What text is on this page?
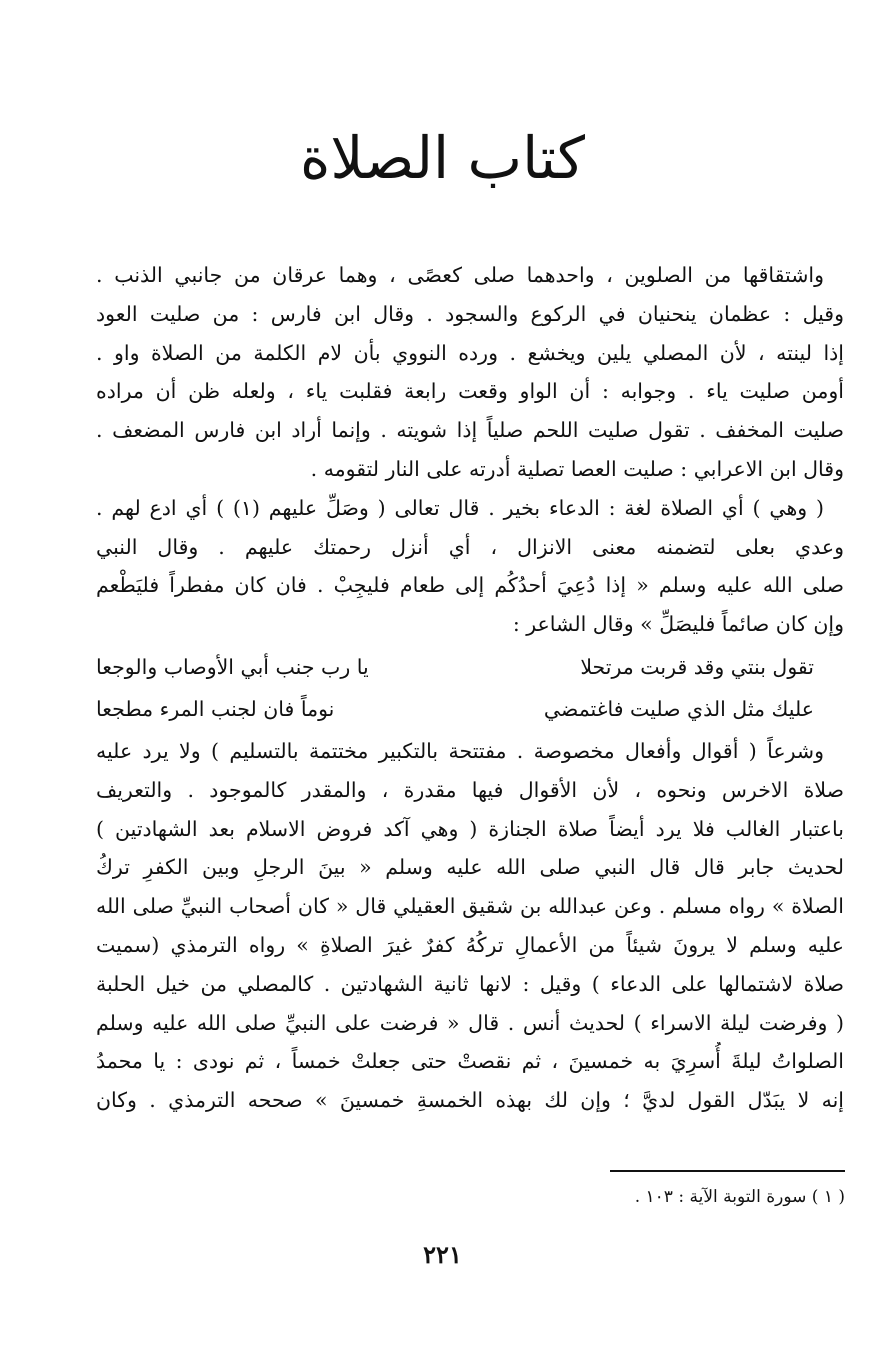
كتاب الصلاة
واشتقاقها من الصلوين ، واحدهما صلى كعصًى ، وهما عرقان من جانبي الذنب .
وقيل : عظمان ينحنيان في الركوع والسجود . وقال ابن فارس : من صليت العود
إذا لينته ، لأن المصلي يلين ويخشع . ورده النووي بأن لام الكلمة من الصلاة واو .
أومن صليت ياء . وجوابه : أن الواو وقعت رابعة فقلبت ياء ، ولعله ظن أن مراده
صليت المخفف . تقول صليت اللحم صلياً إذا شويته . وإنما أراد ابن فارس المضعف .
وقال ابن الاعرابي : صليت العصا تصلية أدرته على النار لتقومه .
( وهي ) أي الصلاة لغة : الدعاء بخير . قال تعالى ( وصَلِّ عليهم (١) ) أي ادع لهم .
وعدي بعلى لتضمنه معنى الانزال ، أي أنزل رحمتك عليهم . وقال النبي
صلى الله عليه وسلم « إذا دُعِيَ أحدُكُم إلى طعام فليجِبْ . فان كان مفطراً فليَطْعم
وإن كان صائماً فليصَلِّ » وقال الشاعر :
تقول بنتي وقد قربت مرتحلا
يا رب جنب أبي الأوصاب والوجعا
عليك مثل الذي صليت فاغتمضي
نوماً فان لجنب المرء مطجعا
وشرعاً ( أقوال وأفعال مخصوصة . مفتتحة بالتكبير مختتمة بالتسليم ) ولا يرد عليه
صلاة الاخرس ونحوه ، لأن الأقوال فيها مقدرة ، والمقدر كالموجود . والتعريف
باعتبار الغالب فلا يرد أيضاً صلاة الجنازة ( وهي آكد فروض الاسلام بعد الشهادتين )
لحديث جابر قال قال النبي صلى الله عليه وسلم « بينَ الرجلِ وبين الكفرِ تركُ
الصلاة » رواه مسلم . وعن عبدالله بن شقيق العقيلي قال « كان أصحاب النبيِّ صلى الله
عليه وسلم لا يرونَ شيئاً من الأعمالِ تركُهُ كفرٌ غيرَ الصلاةِ » رواه الترمذي (سميت
صلاة لاشتمالها على الدعاء ) وقيل : لانها ثانية الشهادتين . كالمصلي من خيل الحلبة
( وفرضت ليلة الاسراء ) لحديث أنس . قال « فرضت على النبيِّ صلى الله عليه وسلم
الصلواتُ ليلةَ أُسرِيَ به خمسينَ ، ثم نقصتْ حتى جعلتْ خمساً ، ثم نودى : يا محمدُ
إنه لا يبَدّل القول لديَّ ؛ وإن لك بهذه الخمسةِ خمسينَ » صححه الترمذي . وكان
( ١ ) سورة التوبة الآية : ١٠٣ .
٢٢١
